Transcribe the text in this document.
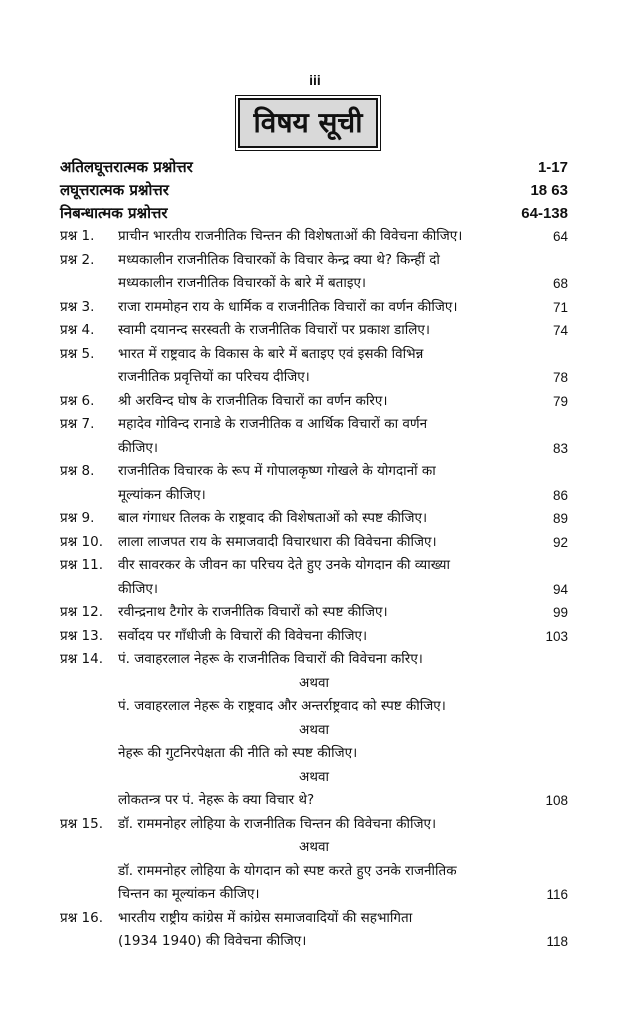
iii
विषय सूची
अतिलघूत्तरात्मक प्रश्नोत्तर	1-17
लघूत्तरात्मक प्रश्नोत्तर	18 63
निबन्धात्मक प्रश्नोत्तर	64-138
प्रश्न 1. प्राचीन भारतीय राजनीतिक चिन्तन की विशेषताओं की विवेचना कीजिए।	64
प्रश्न 2. मध्यकालीन राजनीतिक विचारकों के विचार केन्द्र क्या थे? किन्हीं दो
मध्यकालीन राजनीतिक विचारकों के बारे में बताइए।	68
प्रश्न 3. राजा राममोहन राय के धार्मिक व राजनीतिक विचारों का वर्णन कीजिए।	71
प्रश्न 4. स्वामी दयानन्द सरस्वती के राजनीतिक विचारों पर प्रकाश डालिए।	74
प्रश्न 5. भारत में राष्ट्रवाद के विकास के बारे में बताइए एवं इसकी विभिन्न
राजनीतिक प्रवृत्तियों का परिचय दीजिए।	78
प्रश्न 6. श्री अरविन्द घोष के राजनीतिक विचारों का वर्णन करिए।	79
प्रश्न 7. महादेव गोविन्द रानाडे के राजनीतिक व आर्थिक विचारों का वर्णन
कीजिए।	83
प्रश्न 8. राजनीतिक विचारक के रूप में गोपालकृष्ण गोखले के योगदानों का
मूल्यांकन कीजिए।	86
प्रश्न 9. बाल गंगाधर तिलक के राष्ट्रवाद की विशेषताओं को स्पष्ट कीजिए।	89
प्रश्न 10. लाला लाजपत राय के समाजवादी विचारधारा की विवेचना कीजिए।	92
प्रश्न 11. वीर सावरकर के जीवन का परिचय देते हुए उनके योगदान की व्याख्या
कीजिए।	94
प्रश्न 12. रवीन्द्रनाथ टैगोर के राजनीतिक विचारों को स्पष्ट कीजिए।	99
प्रश्न 13. सर्वोदय पर गाँधीजी के विचारों की विवेचना कीजिए।	103
प्रश्न 14. पं. जवाहरलाल नेहरू के राजनीतिक विचारों की विवेचना करिए।
अथवा
पं. जवाहरलाल नेहरू के राष्ट्रवाद और अन्तर्राष्ट्रवाद को स्पष्ट कीजिए।
अथवा
नेहरू की गुटनिरपेक्षता की नीति को स्पष्ट कीजिए।
अथवा
लोकतन्त्र पर पं. नेहरू के क्या विचार थे?	108
प्रश्न 15. डॉ. राममनोहर लोहिया के राजनीतिक चिन्तन की विवेचना कीजिए।
अथवा
डॉ. राममनोहर लोहिया के योगदान को स्पष्ट करते हुए उनके राजनीतिक
चिन्तन का मूल्यांकन कीजिए।	116
प्रश्न 16. भारतीय राष्ट्रीय कांग्रेस में कांग्रेस समाजवादियों की सहभागिता
(1934 1940) की विवेचना कीजिए।	118
